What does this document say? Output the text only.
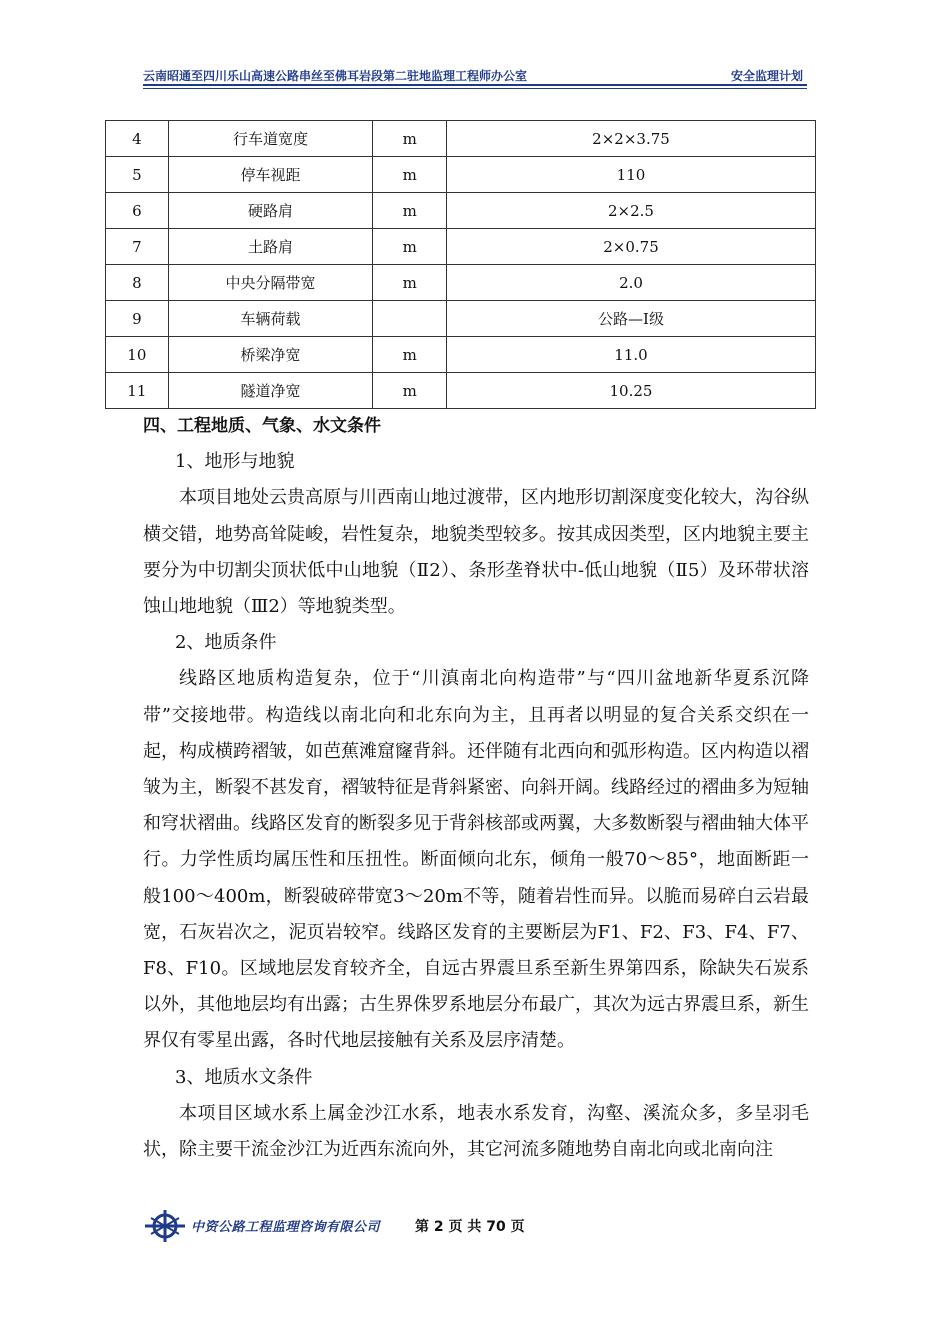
云南昭通至四川乐山高速公路串丝至佛耳岩段第二驻地监理工程师办公室	安全监理计划
4	行车道宽度	m	2×2×3.75
5	停车视距	m	110
6	硬路肩	m	2×2.5
7	土路肩	m	2×0.75
8	中央分隔带宽	m	2.0
9	车辆荷载		公路—Ⅰ级
10	桥梁净宽	m	11.0
11	隧道净宽	m	10.25

四、工程地质、气象、水文条件

1、地形与地貌

本项目地处云贵高原与川西南山地过渡带，区内地形切割深度变化较大，沟谷纵横交错，地势高耸陡峻，岩性复杂，地貌类型较多。按其成因类型，区内地貌主要主要分为中切割尖顶状低中山地貌（Ⅱ2）、条形垄脊状中-低山地貌（Ⅱ5）及环带状溶蚀山地地貌（Ⅲ2）等地貌类型。

2、地质条件

线路区地质构造复杂，位于“川滇南北向构造带”与“四川盆地新华夏系沉降带”交接地带。构造线以南北向和北东向为主，且再者以明显的复合关系交织在一起，构成横跨褶皱，如芭蕉滩窟窿背斜。还伴随有北西向和弧形构造。区内构造以褶皱为主，断裂不甚发育，褶皱特征是背斜紧密、向斜开阔。线路经过的褶曲多为短轴和穹状褶曲。线路区发育的断裂多见于背斜核部或两翼，大多数断裂与褶曲轴大体平行。力学性质均属压性和压扭性。断面倾向北东，倾角一般70～85°，地面断距一般100～400m，断裂破碎带宽3～20m不等，随着岩性而异。以脆而易碎白云岩最宽，石灰岩次之，泥页岩较窄。线路区发育的主要断层为F1、F2、F3、F4、F7、F8、F10。区域地层发育较齐全，自远古界震旦系至新生界第四系，除缺失石炭系以外，其他地层均有出露；古生界侏罗系地层分布最广，其次为远古界震旦系，新生界仅有零星出露，各时代地层接触有关系及层序清楚。

3、地质水文条件

本项目区域水系上属金沙江水系，地表水系发育，沟壑、溪流众多，多呈羽毛状，除主要干流金沙江为近西东流向外，其它河流多随地势自南北向或北南向注

中资公路工程监理咨询有限公司 第 2 页 共 70 页
